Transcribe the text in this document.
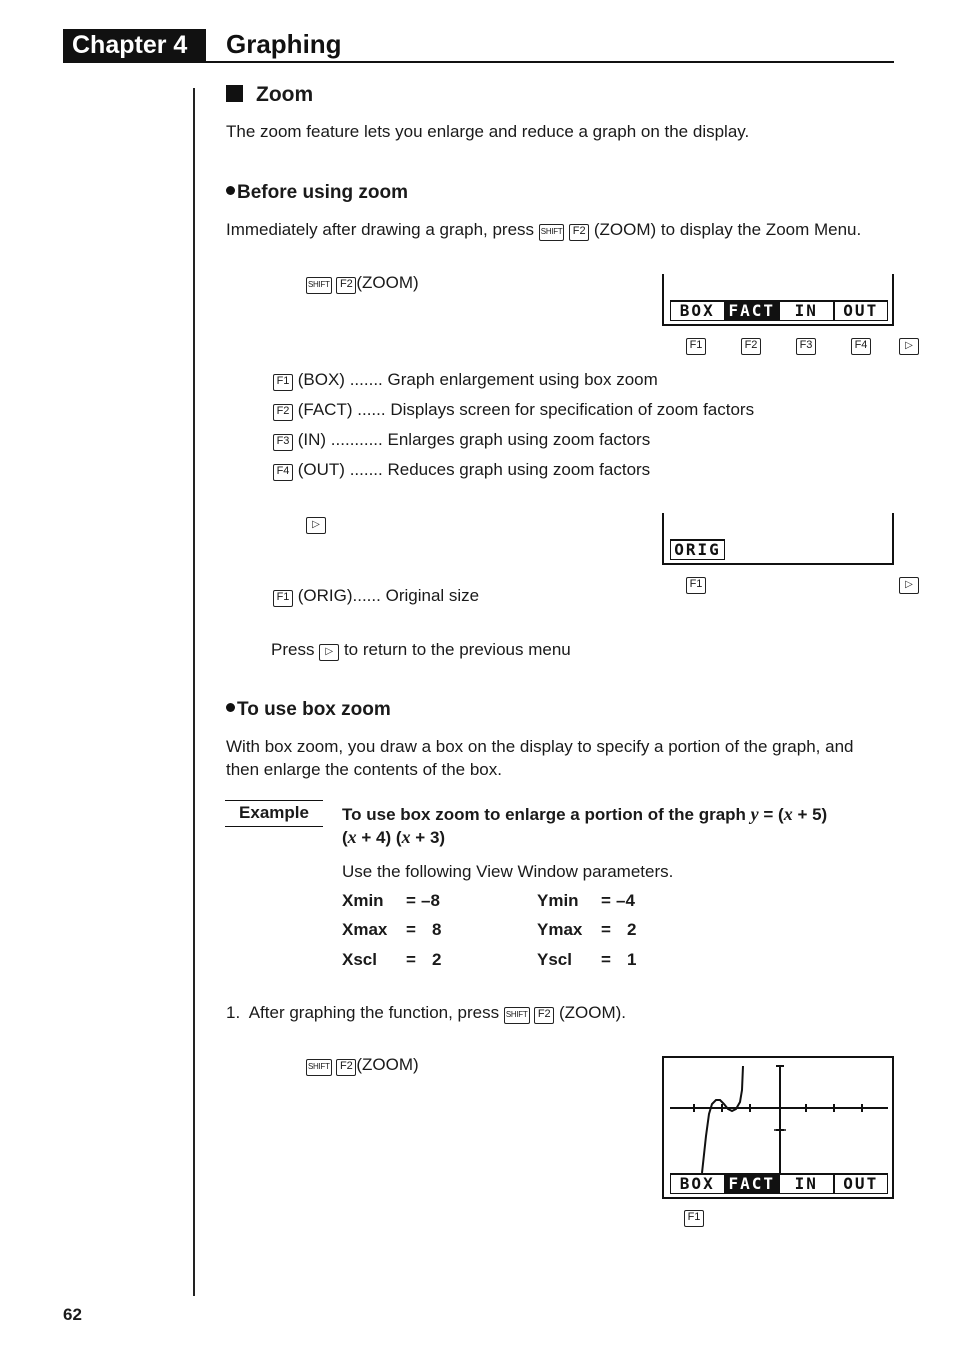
Chapter 4	Graphing
Zoom
The zoom feature lets you enlarge and reduce a graph on the display.
Before using zoom
Immediately after drawing a graph, press SHIFT F2 (ZOOM) to display the Zoom Menu.
SHIFT F2 (ZOOM)
BOX FACT	IN	OUT
F1	F2	F3	F4	▷
F1 (BOX) ....... Graph enlargement using box zoom
F2 (FACT) ...... Displays screen for specification of zoom factors
F3 (IN) ........... Enlarges graph using zoom factors
F4 (OUT) ....... Reduces graph using zoom factors
▷
ORIG
F1	▷
F1 (ORIG)...... Original size
Press ▷ to return to the previous menu
To use box zoom
With box zoom, you draw a box on the display to specify a portion of the graph, and
then enlarge the contents of the box.
Example	To use box zoom to enlarge a portion of the graph y = (x + 5)
(x + 4) (x + 3)
Use the following View Window parameters.
Xmin = –8	Ymin = –4
Xmax = 8	Ymax = 2
Xscl = 2	Yscl = 1
1. After graphing the function, press SHIFT F2 (ZOOM).
SHIFT F2 (ZOOM)
BOX FACT	IN	OUT
F1
62
